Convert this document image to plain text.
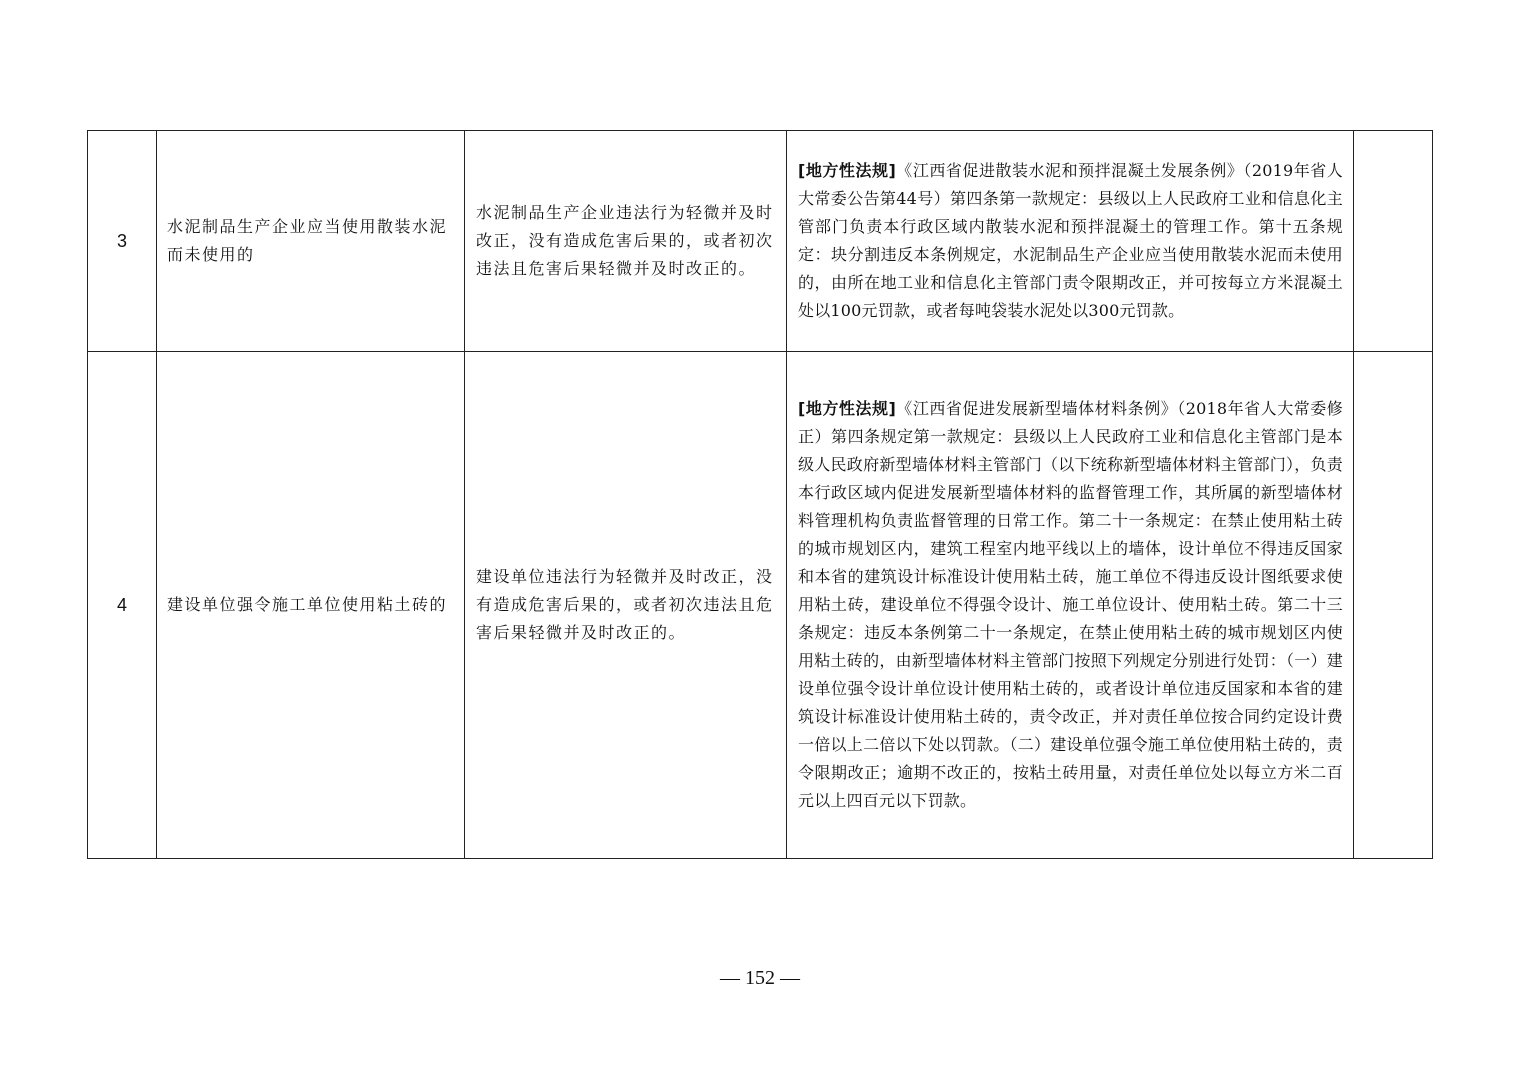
3	水泥制品生产企业应当使用散装水泥而未使用的	水泥制品生产企业违法行为轻微并及时改正，没有造成危害后果的，或者初次违法且危害后果轻微并及时改正的。	[地方性法规]《江西省促进散装水泥和预拌混凝土发展条例》（2019年省人大常委公告第44号）第四条第一款规定：县级以上人民政府工业和信息化主管部门负责本行政区域内散装水泥和预拌混凝土的管理工作。第十五条规定：块分割违反本条例规定，水泥制品生产企业应当使用散装水泥而未使用的，由所在地工业和信息化主管部门责令限期改正，并可按每立方米混凝土处以100元罚款，或者每吨袋装水泥处以300元罚款。	

4	建设单位强令施工单位使用粘土砖的	建设单位违法行为轻微并及时改正，没有造成危害后果的，或者初次违法且危害后果轻微并及时改正的。	[地方性法规]《江西省促进发展新型墙体材料条例》（2018年省人大常委修正）第四条规定第一款规定：县级以上人民政府工业和信息化主管部门是本级人民政府新型墙体材料主管部门（以下统称新型墙体材料主管部门），负责本行政区域内促进发展新型墙体材料的监督管理工作，其所属的新型墙体材料管理机构负责监督管理的日常工作。第二十一条规定：在禁止使用粘土砖的城市规划区内，建筑工程室内地平线以上的墙体，设计单位不得违反国家和本省的建筑设计标准设计使用粘土砖，施工单位不得违反设计图纸要求使用粘土砖，建设单位不得强令设计、施工单位设计、使用粘土砖。第二十三条规定：违反本条例第二十一条规定，在禁止使用粘土砖的城市规划区内使用粘土砖的，由新型墙体材料主管部门按照下列规定分别进行处罚：（一）建设单位强令设计单位设计使用粘土砖的，或者设计单位违反国家和本省的建筑设计标准设计使用粘土砖的，责令改正，并对责任单位按合同约定设计费一倍以上二倍以下处以罚款。（二）建设单位强令施工单位使用粘土砖的，责令限期改正；逾期不改正的，按粘土砖用量，对责任单位处以每立方米二百元以上四百元以下罚款。	

— 152 —
